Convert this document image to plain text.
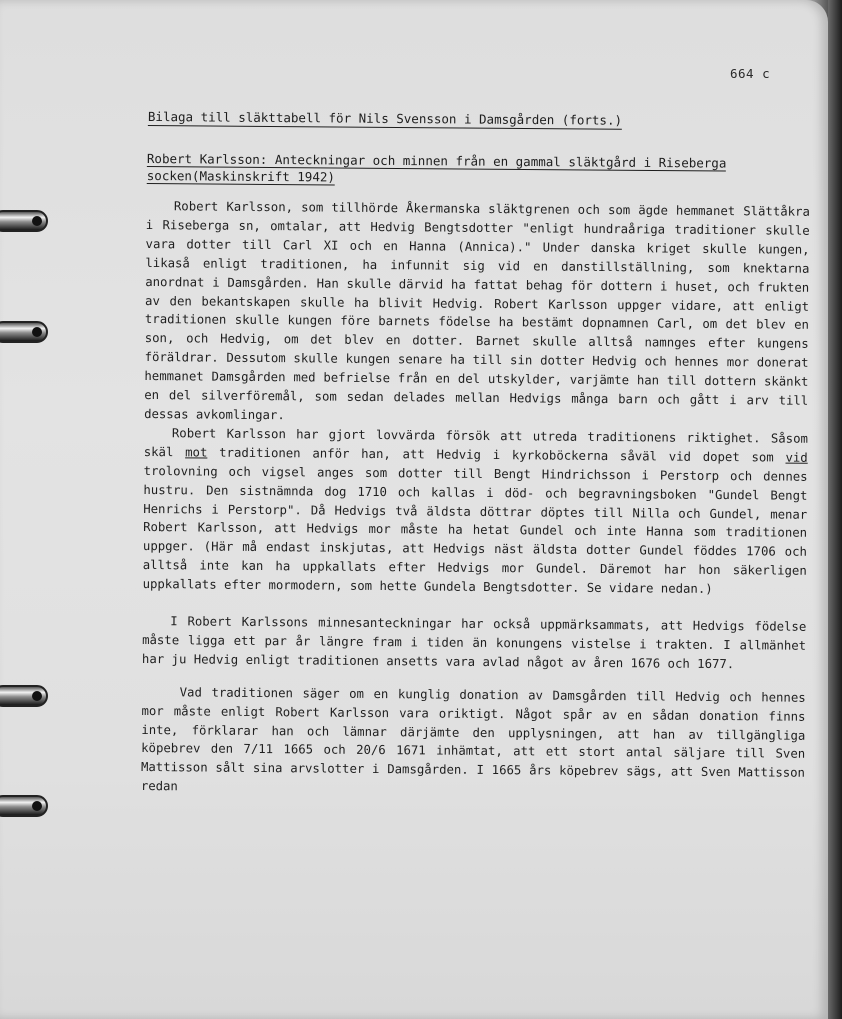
664 c
Bilaga till släkttabell för Nils Svensson i Damsgården (forts.)
Robert Karlsson: Anteckningar och minnen från en gammal släktgård i Riseberga socken(Maskinskrift 1942)

Robert Karlsson, som tillhörde Åkermanska släktgrenen och som ägde hemmanet Slättåkra i Riseberga sn, omtalar, att Hedvig Bengtsdotter "enligt hundraåriga traditioner skulle vara dotter till Carl XI och en Hanna (Annica)." Under danska kriget skulle kungen, likaså enligt traditionen, ha infunnit sig vid en danstillställning, som knektarna anordnat i Damsgården. Han skulle därvid ha fattat behag för dottern i huset, och frukten av den bekantskapen skulle ha blivit Hedvig. Robert Karlsson uppger vidare, att enligt traditionen skulle kungen före barnets födelse ha bestämt dopnamnen Carl, om det blev en son, och Hedvig, om det blev en dotter. Barnet skulle alltså namnges efter kungens föräldrar. Dessutom skulle kungen senare ha till sin dotter Hedvig och hennes mor donerat hemmanet Damsgården med befrielse från en del utskylder, varjämte han till dottern skänkt en del silverföremål, som sedan delades mellan Hedvigs många barn och gått i arv till dessas avkomlingar.

Robert Karlsson har gjort lovvärda försök att utreda traditionens riktighet. Såsom skäl mot traditionen anför han, att Hedvig i kyrkoböckerna såväl vid dopet som vid trolovning och vigsel anges som dotter till Bengt Hindrichsson i Perstorp och dennes hustru. Den sistnämnda dog 1710 och kallas i död- och begravningsboken "Gundel Bengt Henrichs i Perstorp". Då Hedvigs två äldsta döttrar döptes till Nilla och Gundel, menar Robert Karlsson, att Hedvigs mor måste ha hetat Gundel och inte Hanna som traditionen uppger. (Här må endast inskjutas, att Hedvigs näst äldsta dotter Gundel föddes 1706 och alltså inte kan ha uppkallats efter Hedvigs mor Gundel. Däremot har hon säkerligen uppkallats efter mormodern, som hette Gundela Bengtsdotter. Se vidare nedan.)

I Robert Karlssons minnesanteckningar har också uppmärksammats, att Hedvigs födelse måste ligga ett par år längre fram i tiden än konungens vistelse i trakten. I allmänhet har ju Hedvig enligt traditionen ansetts vara avlad något av åren 1676 och 1677.

Vad traditionen säger om en kunglig donation av Damsgården till Hedvig och hennes mor måste enligt Robert Karlsson vara oriktigt. Något spår av en sådan donation finns inte, förklarar han och lämnar därjämte den upplysningen, att han av tillgängliga köpebrev den 7/11 1665 och 20/6 1671 inhämtat, att ett stort antal säljare till Sven Mattisson sålt sina arvslotter i Damsgården. I 1665 års köpebrev sägs, att Sven Mattisson redan
